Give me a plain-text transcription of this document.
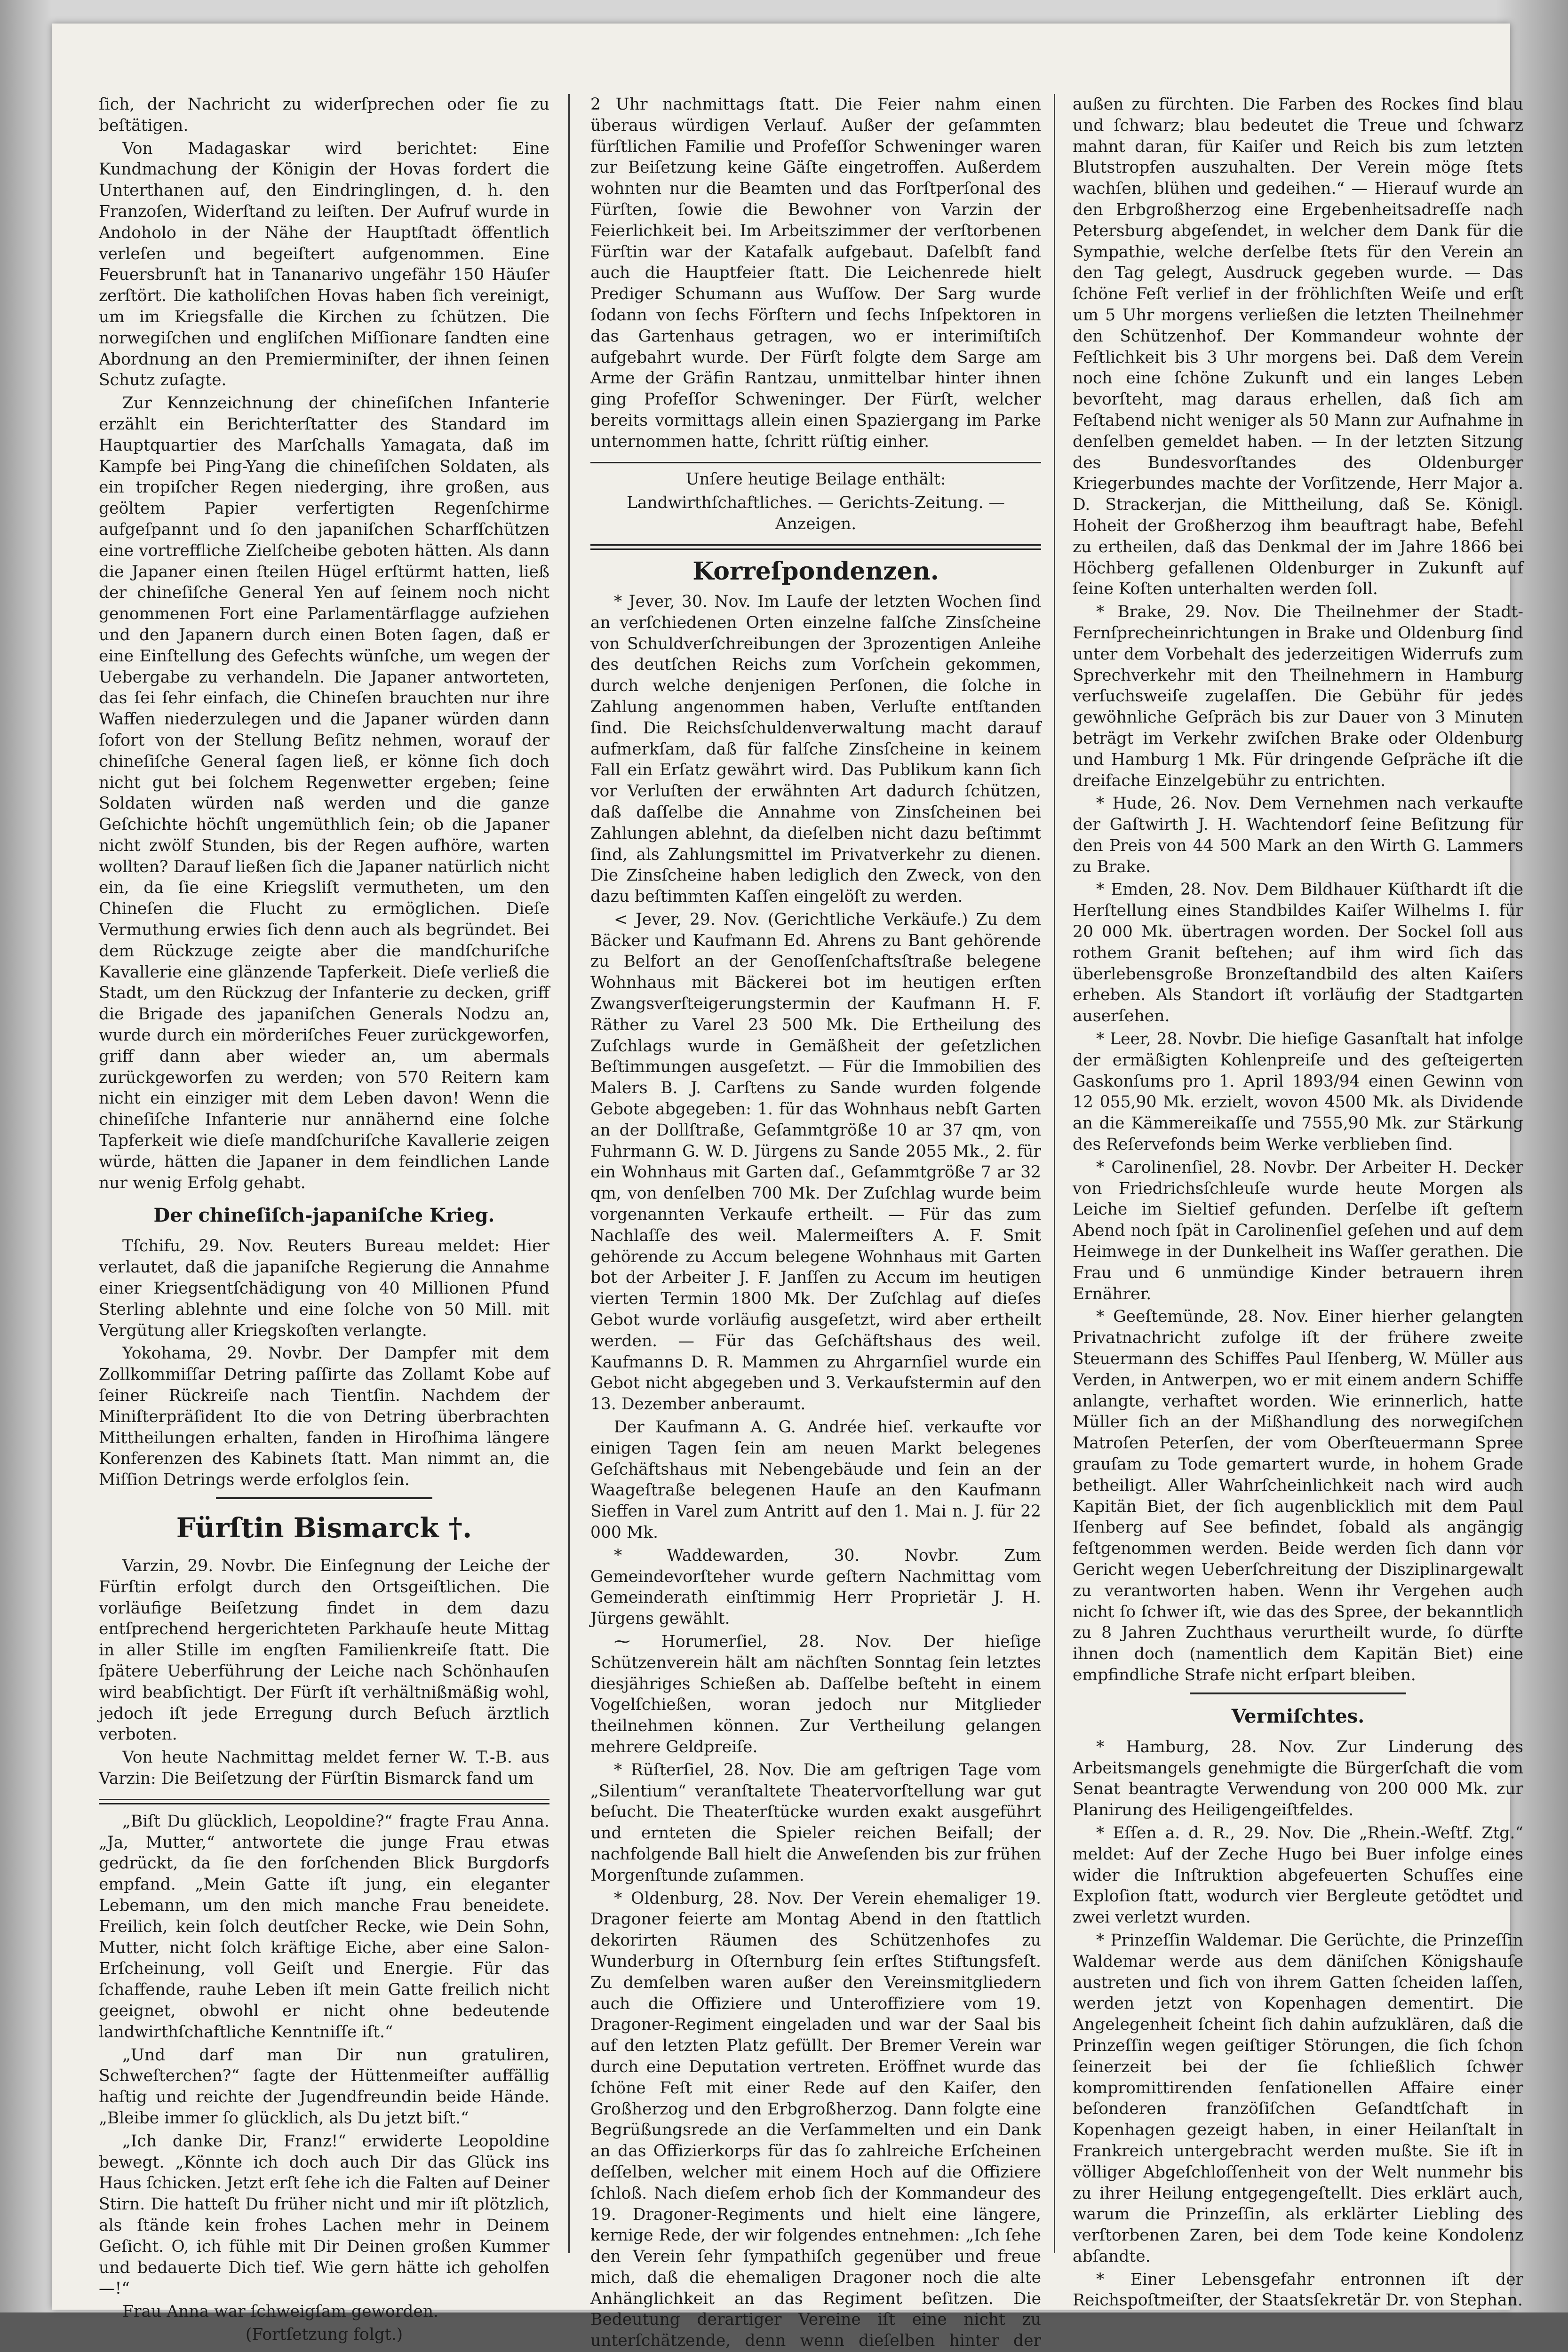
ſich, der Nachricht zu widerſprechen oder ſie zu beſtätigen.

Von Madagaskar wird berichtet: Eine Kundmachung der Königin der Hovas fordert die Unterthanen auf, den Eindringlingen, d. h. den Franzoſen, Widerſtand zu leiſten. Der Aufruf wurde in Andoholo in der Nähe der Hauptſtadt öffentlich verleſen und begeiſtert aufgenommen. Eine Feuersbrunſt hat in Tananarivo ungefähr 150 Häuſer zerſtört. Die katholiſchen Hovas haben ſich vereinigt, um im Kriegsfalle die Kirchen zu ſchützen. Die norwegiſchen und engliſchen Miſſionare ſandten eine Abordnung an den Premierminiſter, der ihnen ſeinen Schutz zuſagte.

Zur Kennzeichnung der chineſiſchen Infanterie erzählt ein Berichterſtatter des Standard im Hauptquartier des Marſchalls Yamagata, daß im Kampfe bei Ping-Yang die chineſiſchen Soldaten, als ein tropiſcher Regen niederging, ihre großen, aus geöltem Papier verfertigten Regenſchirme aufgeſpannt und ſo den japaniſchen Scharfſchützen eine vortreffliche Zielſcheibe geboten hätten. Als dann die Japaner einen ſteilen Hügel erſtürmt hatten, ließ der chineſiſche General Yen auf ſeinem noch nicht genommenen Fort eine Parlamentärflagge aufziehen und den Japanern durch einen Boten ſagen, daß er eine Einſtellung des Gefechts wünſche, um wegen der Uebergabe zu verhandeln. Die Japaner antworteten, das ſei ſehr einfach, die Chineſen brauchten nur ihre Waffen niederzulegen und die Japaner würden dann ſofort von der Stellung Beſitz nehmen, worauf der chineſiſche General ſagen ließ, er könne ſich doch nicht gut bei ſolchem Regenwetter ergeben; ſeine Soldaten würden naß werden und die ganze Geſchichte höchſt ungemüthlich ſein; ob die Japaner nicht zwölf Stunden, bis der Regen aufhöre, warten wollten? Darauf ließen ſich die Japaner natürlich nicht ein, da ſie eine Kriegsliſt vermutheten, um den Chineſen die Flucht zu ermöglichen. Dieſe Vermuthung erwies ſich denn auch als begründet. Bei dem Rückzuge zeigte aber die mandſchuriſche Kavallerie eine glänzende Tapferkeit. Dieſe verließ die Stadt, um den Rückzug der Infanterie zu decken, griff die Brigade des japaniſchen Generals Nodzu an, wurde durch ein mörderiſches Feuer zurückgeworfen, griff dann aber wieder an, um abermals zurückgeworfen zu werden; von 570 Reitern kam nicht ein einziger mit dem Leben davon! Wenn die chineſiſche Infanterie nur annähernd eine ſolche Tapferkeit wie dieſe mandſchuriſche Kavallerie zeigen würde, hätten die Japaner in dem feindlichen Lande nur wenig Erfolg gehabt.

Der chineſiſch-japaniſche Krieg.

Tſchifu, 29. Nov. Reuters Bureau meldet: Hier verlautet, daß die japaniſche Regierung die Annahme einer Kriegsentſchädigung von 40 Millionen Pfund Sterling ablehnte und eine ſolche von 50 Mill. mit Vergütung aller Kriegskoſten verlangte.

Yokohama, 29. Novbr. Der Dampfer mit dem Zollkommiſſar Detring paſſirte das Zollamt Kobe auf ſeiner Rückreiſe nach Tientſin. Nachdem der Miniſterpräſident Ito die von Detring überbrachten Mittheilungen erhalten, fanden in Hiroſhima längere Konferenzen des Kabinets ſtatt. Man nimmt an, die Miſſion Detrings werde erfolglos ſein.

Fürſtin Bismarck †.

Varzin, 29. Novbr. Die Einſegnung der Leiche der Fürſtin erfolgt durch den Ortsgeiſtlichen. Die vorläufige Beiſetzung findet in dem dazu entſprechend hergerichteten Parkhauſe heute Mittag in aller Stille im engſten Familienkreiſe ſtatt. Die ſpätere Ueberführung der Leiche nach Schönhauſen wird beabſichtigt. Der Fürſt iſt verhältnißmäßig wohl, jedoch iſt jede Erregung durch Beſuch ärztlich verboten.

Von heute Nachmittag meldet ferner W. T.-B. aus Varzin: Die Beiſetzung der Fürſtin Bismarck fand um

„Biſt Du glücklich, Leopoldine?“ fragte Frau Anna. „Ja, Mutter,“ antwortete die junge Frau etwas gedrückt, da ſie den forſchenden Blick Burgdorfs empfand. „Mein Gatte iſt jung, ein eleganter Lebemann, um den mich manche Frau beneidete. Freilich, kein ſolch deutſcher Recke, wie Dein Sohn, Mutter, nicht ſolch kräftige Eiche, aber eine Salon-Erſcheinung, voll Geiſt und Energie. Für das ſchaffende, rauhe Leben iſt mein Gatte freilich nicht geeignet, obwohl er nicht ohne bedeutende landwirthſchaftliche Kenntniſſe iſt.“

„Und darf man Dir nun gratuliren, Schweſterchen?“ ſagte der Hüttenmeiſter auffällig haſtig und reichte der Jugendfreundin beide Hände. „Bleibe immer ſo glücklich, als Du jetzt biſt.“

„Ich danke Dir, Franz!“ erwiderte Leopoldine bewegt. „Könnte ich doch auch Dir das Glück ins Haus ſchicken. Jetzt erſt ſehe ich die Falten auf Deiner Stirn. Die hatteſt Du früher nicht und mir iſt plötzlich, als ſtände kein frohes Lachen mehr in Deinem Geſicht. O, ich fühle mit Dir Deinen großen Kummer und bedauerte Dich tief. Wie gern hätte ich geholfen —!“

Frau Anna war ſchweigſam geworden.

(Fortſetzung folgt.)

2 Uhr nachmittags ſtatt. Die Feier nahm einen überaus würdigen Verlauf. Außer der geſammten fürſtlichen Familie und Profeſſor Schweninger waren zur Beiſetzung keine Gäſte eingetroffen. Außerdem wohnten nur die Beamten und das Forſtperſonal des Fürſten, ſowie die Bewohner von Varzin der Feierlichkeit bei. Im Arbeitszimmer der verſtorbenen Fürſtin war der Katafalk aufgebaut. Daſelbſt fand auch die Hauptfeier ſtatt. Die Leichenrede hielt Prediger Schumann aus Wuſſow. Der Sarg wurde ſodann von ſechs Förſtern und ſechs Inſpektoren in das Gartenhaus getragen, wo er interimiſtiſch aufgebahrt wurde. Der Fürſt folgte dem Sarge am Arme der Gräfin Rantzau, unmittelbar hinter ihnen ging Profeſſor Schweninger. Der Fürſt, welcher bereits vormittags allein einen Spaziergang im Parke unternommen hatte, ſchritt rüſtig einher.

Unſere heutige Beilage enthält:
Landwirthſchaftliches. — Gerichts-Zeitung. — Anzeigen.
Korreſpondenzen.

* Jever, 30. Nov. Im Laufe der letzten Wochen ſind an verſchiedenen Orten einzelne falſche Zinsſcheine von Schuldverſchreibungen der 3prozentigen Anleihe des deutſchen Reichs zum Vorſchein gekommen, durch welche denjenigen Perſonen, die ſolche in Zahlung angenommen haben, Verluſte entſtanden ſind. Die Reichsſchuldenverwaltung macht darauf aufmerkſam, daß für falſche Zinsſcheine in keinem Fall ein Erſatz gewährt wird. Das Publikum kann ſich vor Verluſten der erwähnten Art dadurch ſchützen, daß daſſelbe die Annahme von Zinsſcheinen bei Zahlungen ablehnt, da dieſelben nicht dazu beſtimmt ſind, als Zahlungsmittel im Privatverkehr zu dienen. Die Zinsſcheine haben lediglich den Zweck, von den dazu beſtimmten Kaſſen eingelöſt zu werden.

< Jever, 29. Nov. (Gerichtliche Verkäufe.) Zu dem Bäcker und Kaufmann Ed. Ahrens zu Bant gehörende zu Belfort an der Genoſſenſchaftsſtraße belegene Wohnhaus mit Bäckerei bot im heutigen erſten Zwangsverſteigerungstermin der Kaufmann H. F. Räther zu Varel 23 500 Mk. Die Ertheilung des Zuſchlags wurde in Gemäßheit der geſetzlichen Beſtimmungen ausgeſetzt. — Für die Immobilien des Malers B. J. Carſtens zu Sande wurden folgende Gebote abgegeben: 1. für das Wohnhaus nebſt Garten an der Dollſtraße, Geſammtgröße 10 ar 37 qm, von Fuhrmann G. W. D. Jürgens zu Sande 2055 Mk., 2. für ein Wohnhaus mit Garten daſ., Geſammtgröße 7 ar 32 qm, von denſelben 700 Mk. Der Zuſchlag wurde beim vorgenannten Verkaufe ertheilt. — Für das zum Nachlaſſe des weil. Malermeiſters A. F. Smit gehörende zu Accum belegene Wohnhaus mit Garten bot der Arbeiter J. F. Janſſen zu Accum im heutigen vierten Termin 1800 Mk. Der Zuſchlag auf dieſes Gebot wurde vorläufig ausgeſetzt, wird aber ertheilt werden. — Für das Geſchäftshaus des weil. Kaufmanns D. R. Mammen zu Ahrgarnſiel wurde ein Gebot nicht abgegeben und 3. Verkaufstermin auf den 13. Dezember anberaumt.

Der Kaufmann A. G. Andrée hieſ. verkaufte vor einigen Tagen ſein am neuen Markt belegenes Geſchäftshaus mit Nebengebäude und ſein an der Waageſtraße belegenen Hauſe an den Kaufmann Sieffen in Varel zum Antritt auf den 1. Mai n. J. für 22 000 Mk.

* Waddewarden, 30. Novbr. Zum Gemeindevorſteher wurde geſtern Nachmittag vom Gemeinderath einſtimmig Herr Proprietär J. H. Jürgens gewählt.

⁓ Horumerſiel, 28. Nov. Der hieſige Schützenverein hält am nächſten Sonntag ſein letztes diesjähriges Schießen ab. Daſſelbe beſteht in einem Vogelſchießen, woran jedoch nur Mitglieder theilnehmen können. Zur Vertheilung gelangen mehrere Geldpreiſe.

* Rüſterſiel, 28. Nov. Die am geſtrigen Tage vom „Silentium“ veranſtaltete Theatervorſtellung war gut beſucht. Die Theaterſtücke wurden exakt ausgeführt und ernteten die Spieler reichen Beifall; der nachfolgende Ball hielt die Anweſenden bis zur frühen Morgenſtunde zuſammen.

* Oldenburg, 28. Nov. Der Verein ehemaliger 19. Dragoner feierte am Montag Abend in den ſtattlich dekorirten Räumen des Schützenhofes zu Wunderburg in Oſternburg ſein erſtes Stiftungsfeſt. Zu demſelben waren außer den Vereinsmitgliedern auch die Offiziere und Unteroffiziere vom 19. Dragoner-Regiment eingeladen und war der Saal bis auf den letzten Platz gefüllt. Der Bremer Verein war durch eine Deputation vertreten. Eröffnet wurde das ſchöne Feſt mit einer Rede auf den Kaiſer, den Großherzog und den Erbgroßherzog. Dann folgte eine Begrüßungsrede an die Verſammelten und ein Dank an das Offizierkorps für das ſo zahlreiche Erſcheinen deſſelben, welcher mit einem Hoch auf die Offiziere ſchloß. Nach dieſem erhob ſich der Kommandeur des 19. Dragoner-Regiments und hielt eine längere, kernige Rede, der wir folgendes entnehmen: „Ich ſehe den Verein ſehr ſympathiſch gegenüber und freue mich, daß die ehemaligen Dragoner noch die alte Anhänglichkeit an das Regiment beſitzen. Die Bedeutung derartiger Vereine iſt eine nicht zu unterſchätzende, denn wenn dieſelben hinter der

außen zu fürchten. Die Farben des Rockes ſind blau und ſchwarz; blau bedeutet die Treue und ſchwarz mahnt daran, für Kaiſer und Reich bis zum letzten Blutstropfen auszuhalten. Der Verein möge ſtets wachſen, blühen und gedeihen.“ — Hierauf wurde an den Erbgroßherzog eine Ergebenheitsadreſſe nach Petersburg abgeſendet, in welcher dem Dank für die Sympathie, welche derſelbe ſtets für den Verein an den Tag gelegt, Ausdruck gegeben wurde. — Das ſchöne Feſt verlief in der fröhlichſten Weiſe und erſt um 5 Uhr morgens verließen die letzten Theilnehmer den Schützenhof. Der Kommandeur wohnte der Feſtlichkeit bis 3 Uhr morgens bei. Daß dem Verein noch eine ſchöne Zukunft und ein langes Leben bevorſteht, mag daraus erhellen, daß ſich am Feſtabend nicht weniger als 50 Mann zur Aufnahme in denſelben gemeldet haben. — In der letzten Sitzung des Bundesvorſtandes des Oldenburger Kriegerbundes machte der Vorſitzende, Herr Major a. D. Strackerjan, die Mittheilung, daß Se. Königl. Hoheit der Großherzog ihm beauftragt habe, Befehl zu ertheilen, daß das Denkmal der im Jahre 1866 bei Höchberg gefallenen Oldenburger in Zukunft auf ſeine Koſten unterhalten werden ſoll.

* Brake, 29. Nov. Die Theilnehmer der Stadt-Fernſprecheinrichtungen in Brake und Oldenburg ſind unter dem Vorbehalt des jederzeitigen Widerrufs zum Sprechverkehr mit den Theilnehmern in Hamburg verſuchsweiſe zugelaſſen. Die Gebühr für jedes gewöhnliche Geſpräch bis zur Dauer von 3 Minuten beträgt im Verkehr zwiſchen Brake oder Oldenburg und Hamburg 1 Mk. Für dringende Geſpräche iſt die dreifache Einzelgebühr zu entrichten.

* Hude, 26. Nov. Dem Vernehmen nach verkaufte der Gaſtwirth J. H. Wachtendorf ſeine Beſitzung für den Preis von 44 500 Mark an den Wirth G. Lammers zu Brake.

* Emden, 28. Nov. Dem Bildhauer Küſthardt iſt die Herſtellung eines Standbildes Kaiſer Wilhelms I. für 20 000 Mk. übertragen worden. Der Sockel ſoll aus rothem Granit beſtehen; auf ihm wird ſich das überlebensgroße Bronzeſtandbild des alten Kaiſers erheben. Als Standort iſt vorläufig der Stadtgarten auserſehen.

* Leer, 28. Novbr. Die hieſige Gasanſtalt hat infolge der ermäßigten Kohlenpreiſe und des geſteigerten Gaskonſums pro 1. April 1893/94 einen Gewinn von 12 055,90 Mk. erzielt, wovon 4500 Mk. als Dividende an die Kämmereikaſſe und 7555,90 Mk. zur Stärkung des Reſervefonds beim Werke verblieben ſind.

* Carolinenſiel, 28. Novbr. Der Arbeiter H. Decker von Friedrichsſchleuſe wurde heute Morgen als Leiche im Sieltief gefunden. Derſelbe iſt geſtern Abend noch ſpät in Carolinenſiel geſehen und auf dem Heimwege in der Dunkelheit ins Waſſer gerathen. Die Frau und 6 unmündige Kinder betrauern ihren Ernährer.

* Geeſtemünde, 28. Nov. Einer hierher gelangten Privatnachricht zufolge iſt der frühere zweite Steuermann des Schiffes Paul Iſenberg, W. Müller aus Verden, in Antwerpen, wo er mit einem andern Schiffe anlangte, verhaftet worden. Wie erinnerlich, hatte Müller ſich an der Mißhandlung des norwegiſchen Matroſen Peterſen, der vom Oberſteuermann Spree grauſam zu Tode gemartert wurde, in hohem Grade betheiligt. Aller Wahrſcheinlichkeit nach wird auch Kapitän Biet, der ſich augenblicklich mit dem Paul Iſenberg auf See befindet, ſobald als angängig feſtgenommen werden. Beide werden ſich dann vor Gericht wegen Ueberſchreitung der Disziplinargewalt zu verantworten haben. Wenn ihr Vergehen auch nicht ſo ſchwer iſt, wie das des Spree, der bekanntlich zu 8 Jahren Zuchthaus verurtheilt wurde, ſo dürfte ihnen doch (namentlich dem Kapitän Biet) eine empfindliche Strafe nicht erſpart bleiben.

Vermiſchtes.

* Hamburg, 28. Nov. Zur Linderung des Arbeitsmangels genehmigte die Bürgerſchaft die vom Senat beantragte Verwendung von 200 000 Mk. zur Planirung des Heiligengeiſtfeldes.

* Eſſen a. d. R., 29. Nov. Die „Rhein.-Weſtf. Ztg.“ meldet: Auf der Zeche Hugo bei Buer infolge eines wider die Inſtruktion abgefeuerten Schuſſes eine Exploſion ſtatt, wodurch vier Bergleute getödtet und zwei verletzt wurden.

* Prinzeſſin Waldemar. Die Gerüchte, die Prinzeſſin Waldemar werde aus dem däniſchen Königshauſe austreten und ſich von ihrem Gatten ſcheiden laſſen, werden jetzt von Kopenhagen dementirt. Die Angelegenheit ſcheint ſich dahin aufzuklären, daß die Prinzeſſin wegen geiſtiger Störungen, die ſich ſchon ſeinerzeit bei der ſie ſchließlich ſchwer kompromittirenden ſenſationellen Affaire einer beſonderen franzöſiſchen Geſandtſchaft in Kopenhagen gezeigt haben, in einer Heilanſtalt in Frankreich untergebracht werden mußte. Sie iſt in völliger Abgeſchloſſenheit von der Welt nunmehr bis zu ihrer Heilung entgegengeſtellt. Dies erklärt auch, warum die Prinzeſſin, als erklärter Liebling des verſtorbenen Zaren, bei dem Tode keine Kondolenz abſandte.

* Einer Lebensgefahr entronnen iſt der Reichspoſtmeiſter, der Staatsſekretär Dr. von Stephan.
